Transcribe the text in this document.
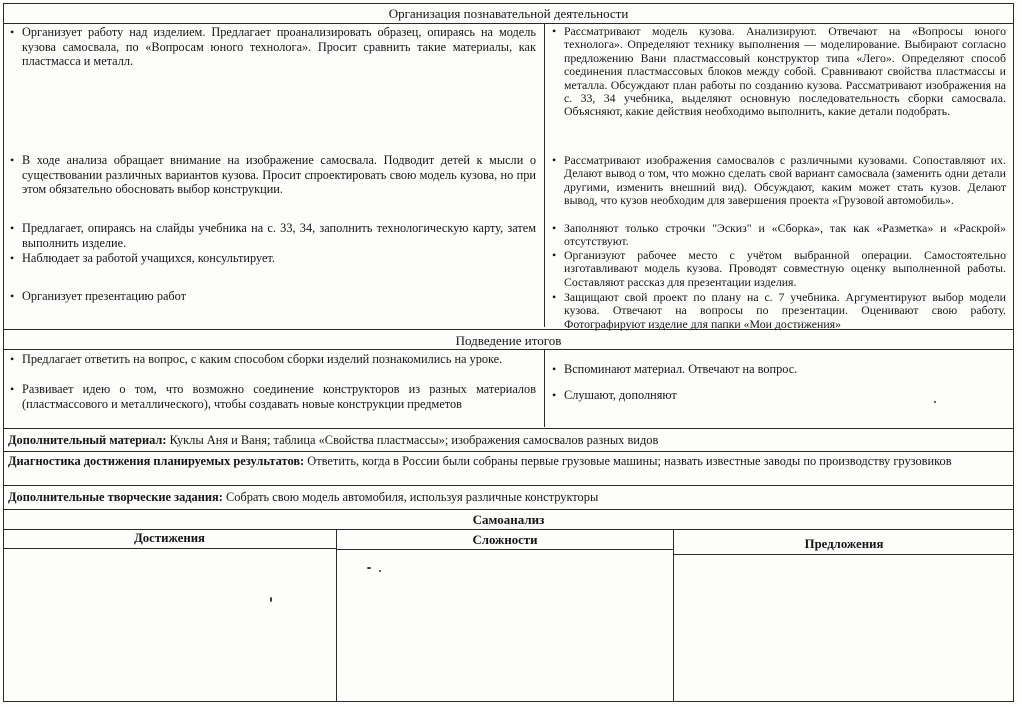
Организация познавательной деятельности
• Организует работу над изделием. Предлагает проанализировать образец, опираясь на модель кузова самосвала, по «Вопросам юного технолога». Просит сравнить такие материалы, как пластмасса и металл.
• В ходе анализа обращает внимание на изображение самосвала. Подводит детей к мысли о существовании различных вариантов кузова. Просит спроектировать свою модель кузова, но при этом обязательно обосновать выбор конструкции.
• Предлагает, опираясь на слайды учебника на с. 33, 34, заполнить технологическую карту, затем выполнить изделие.
• Наблюдает за работой учащихся, консультирует.
• Организует презентацию работ
• Рассматривают модель кузова. Анализируют. Отвечают на «Вопросы юного технолога». Определяют технику выполнения — моделирование. Выбирают согласно предложению Вани пластмассовый конструктор типа «Лего». Определяют способ соединения пластмассовых блоков между собой. Сравнивают свойства пластмассы и металла. Обсуждают план работы по созданию кузова. Рассматривают изображения на с. 33, 34 учебника, выделяют основную последовательность сборки самосвала. Объясняют, какие действия необходимо выполнить, какие детали подобрать.
• Рассматривают изображения самосвалов с различными кузовами. Сопоставляют их. Делают вывод о том, что можно сделать свой вариант самосвала (заменить одни детали другими, изменить внешний вид). Обсуждают, каким может стать кузов. Делают вывод, что кузов необходим для завершения проекта «Грузовой автомобиль».
• Заполняют только строчки "Эскиз" и «Сборка», так как «Разметка» и «Раскрой» отсутствуют.
• Организуют рабочее место с учётом выбранной операции. Самостоятельно изготавливают модель кузова. Проводят совместную оценку выполненной работы. Составляют рассказ для презентации изделия.
• Защищают свой проект по плану на с. 7 учебника. Аргументируют выбор модели кузова. Отвечают на вопросы по презентации. Оценивают свою работу. Фотографируют изделие для папки «Мои достижения»
Подведение итогов
• Предлагает ответить на вопрос, с каким способом сборки изделий познакомились на уроке.
• Развивает идею о том, что возможно соединение конструкторов из разных материалов (пластмассового и металлического), чтобы создавать новые конструкции предметов
• Вспоминают материал. Отвечают на вопрос.
• Слушают, дополняют
Дополнительный материал: Куклы Аня и Ваня; таблица «Свойства пластмассы»; изображения самосвалов разных видов
Диагностика достижения планируемых результатов: Ответить, когда в России были собраны первые грузовые машины; назвать известные заводы по производству грузовиков
Дополнительные творческие задания: Собрать свою модель автомобиля, используя различные конструкторы
Самоанализ
Достижения	Сложности	Предложения
